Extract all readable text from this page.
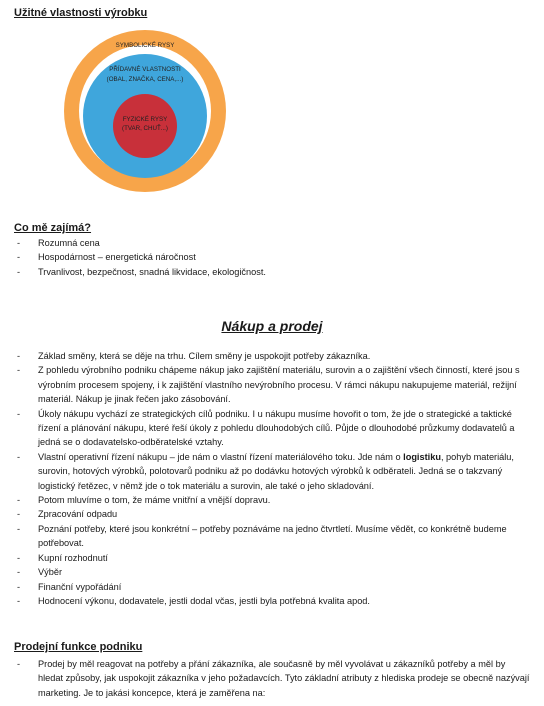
Užitné vlastnosti výrobku
SYMBOLICKÉ RYSY
PŘÍDAVNÉ VLASTNOSTI
(OBAL, ZNAČKA, CENA,...)
FYZICKÉ RYSY
(TVAR, CHUŤ...)
Co mě zajímá?
- Rozumná cena
- Hospodárnost – energetická náročnost
- Trvanlivost, bezpečnost, snadná likvidace, ekologičnost.
Nákup a prodej
- Základ směny, která se děje na trhu. Cílem směny je uspokojit potřeby zákazníka.
- Z pohledu výrobního podniku chápeme nákup jako zajištění materiálu, surovin a o zajištění všech činností, které jsou s výrobním procesem spojeny, i k zajištění vlastního nevýrobního procesu. V rámci nákupu nakupujeme materiál, režijní materiál. Nákup je jinak řečen jako zásobování.
- Úkoly nákupu vychází ze strategických cílů podniku. I u nákupu musíme hovořit o tom, že jde o strategické a taktické řízení a plánování nákupu, které řeší úkoly z pohledu dlouhodobých cílů. Půjde o dlouhodobé průzkumy dodavatelů a jedná se o dodavatelsko-odběratelské vztahy.
- Vlastní operativní řízení nákupu – jde nám o vlastní řízení materiálového toku. Jde nám o logistiku, pohyb materiálu, surovin, hotových výrobků, polotovarů podniku až po dodávku hotových výrobků k odběrateli. Jedná se o takzvaný logistický řetězec, v němž jde o tok materiálu a surovin, ale také o jeho skladování.
- Potom mluvíme o tom, že máme vnitřní a vnější dopravu.
- Zpracování odpadu
- Poznání potřeby, které jsou konkrétní – potřeby poznáváme na jedno čtvrtletí. Musíme vědět, co konkrétně budeme potřebovat.
- Kupní rozhodnutí
- Výběr
- Finanční vypořádání
- Hodnocení výkonu, dodavatele, jestli dodal včas, jestli byla potřebná kvalita apod.
Prodejní funkce podniku
- Prodej by měl reagovat na potřeby a přání zákazníka, ale současně by měl vyvolávat u zákazníků potřeby a měl by hledat způsoby, jak uspokojit zákazníka v jeho požadavcích. Tyto základní atributy z hlediska prodeje se obecně nazývají marketing. Je to jakási koncepce, která je zaměřena na:
